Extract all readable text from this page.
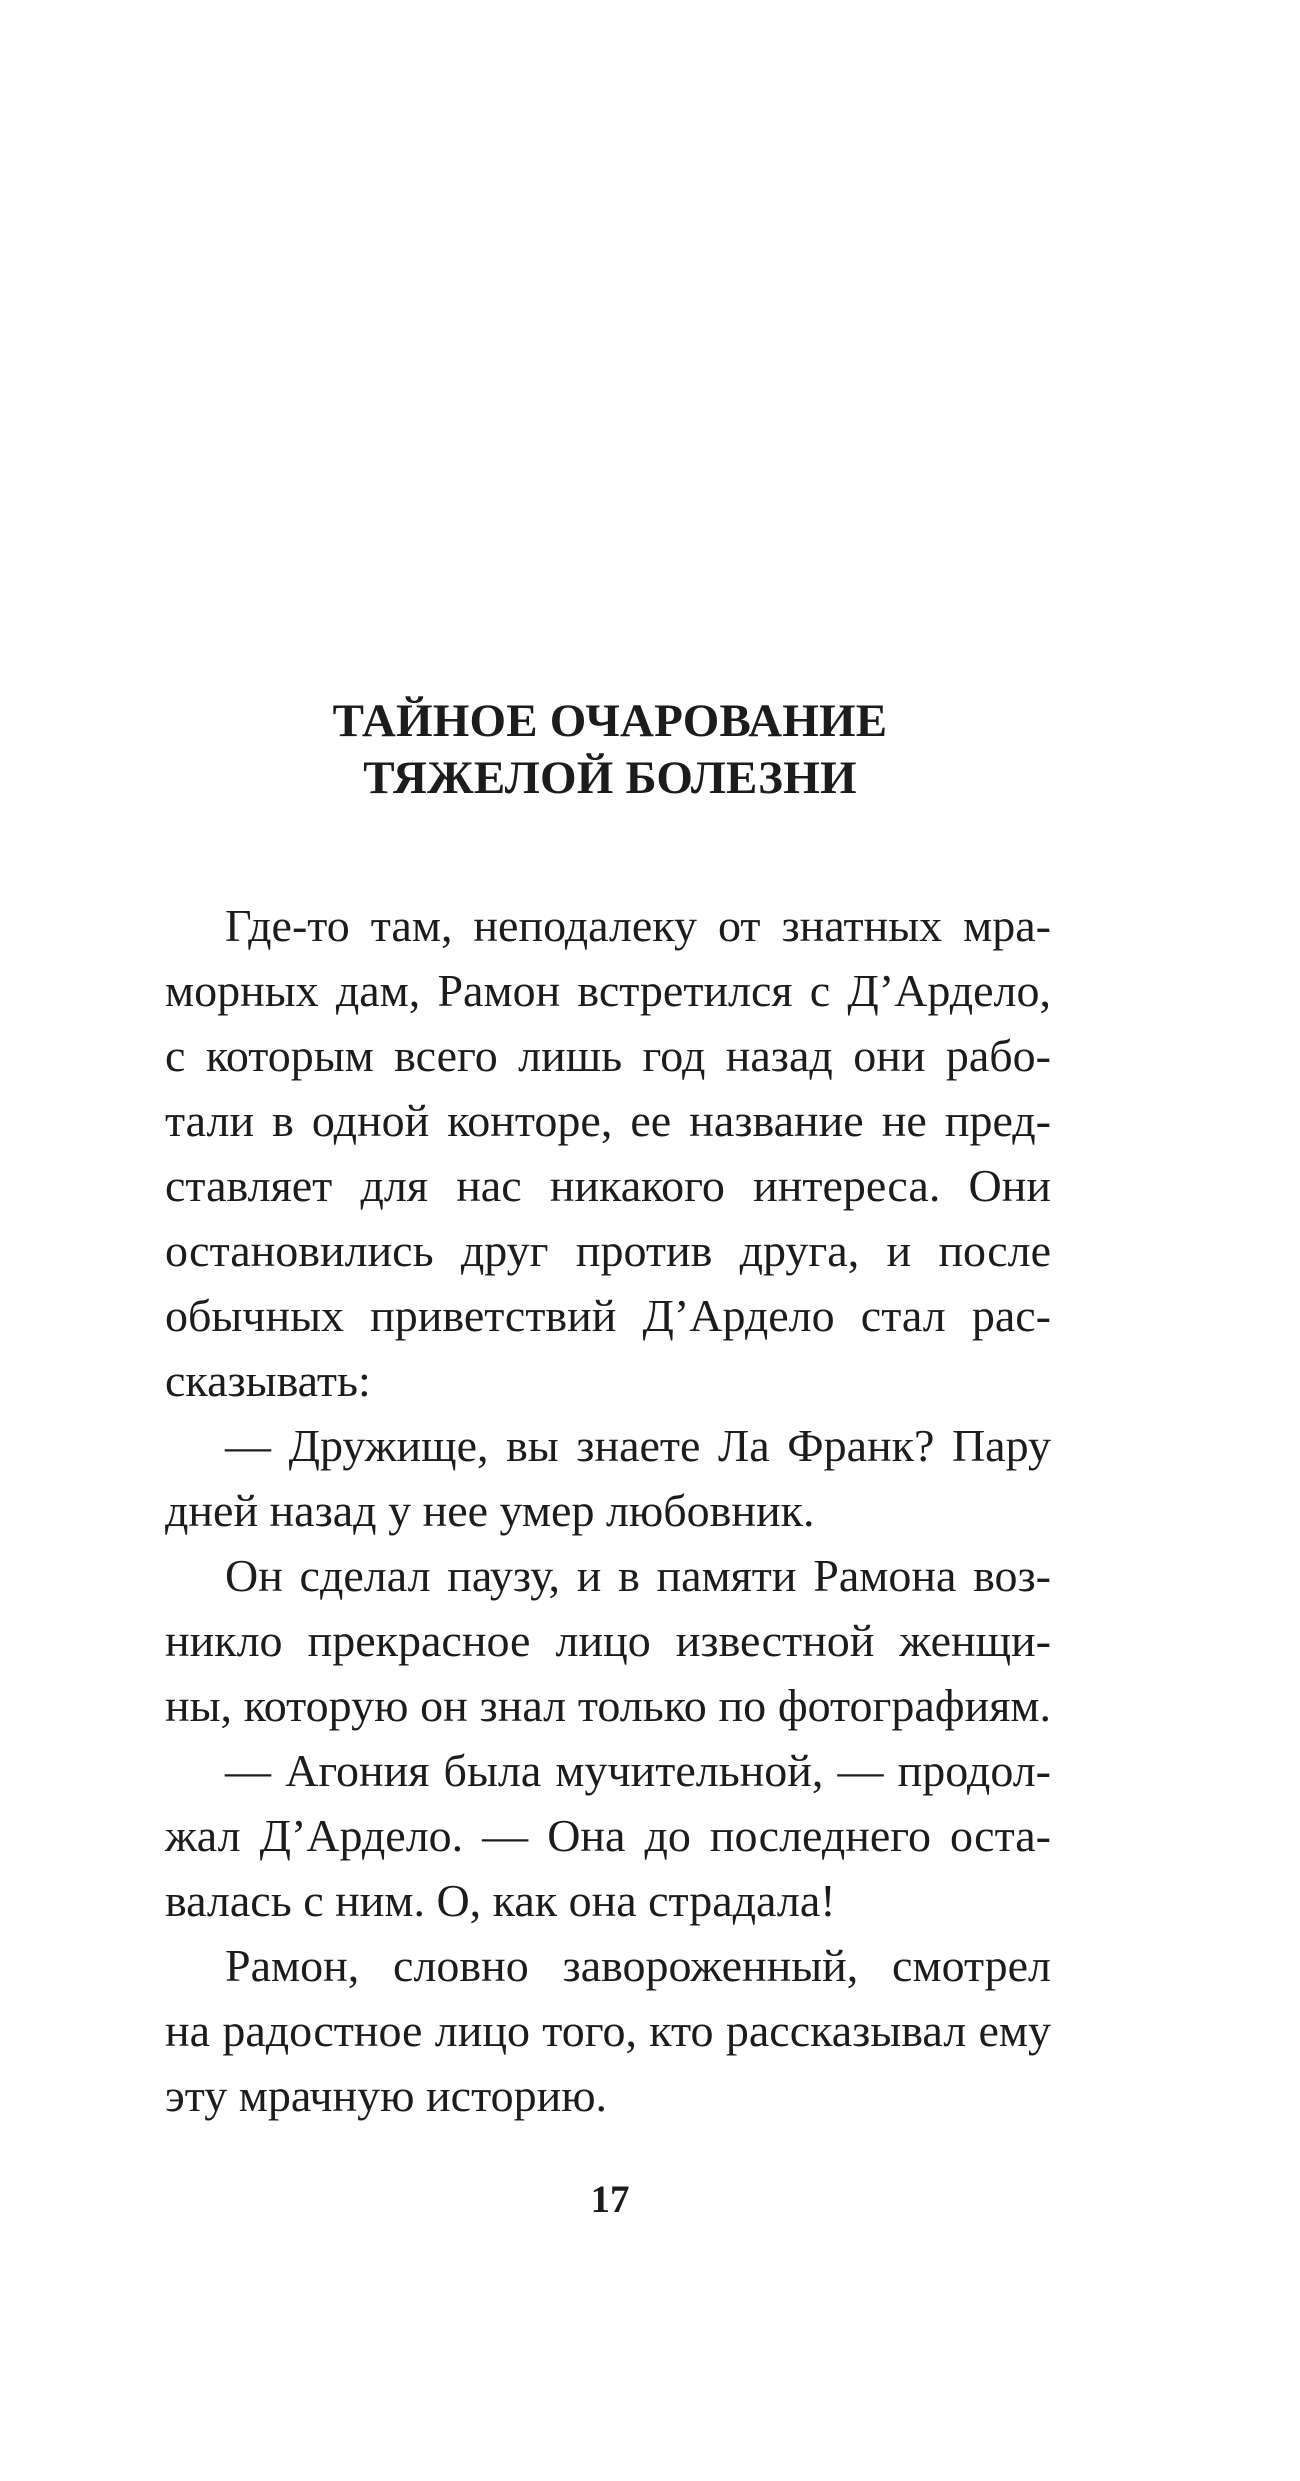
ТАЙНОЕ ОЧАРОВАНИЕ
ТЯЖЕЛОЙ БОЛЕЗНИ
Где-то там, неподалеку от знатных мра-
морных дам, Рамон встретился с Д’Ардело,
с которым всего лишь год назад они рабо-
тали в одной конторе, ее название не пред-
ставляет для нас никакого интереса. Они
остановились друг против друга, и после
обычных приветствий Д’Ардело стал рас-
сказывать:
— Дружище, вы знаете Ла Франк? Пару
дней назад у нее умер любовник.
Он сделал паузу, и в памяти Рамона воз-
никло прекрасное лицо известной женщи-
ны, которую он знал только по фотографиям.
— Агония была мучительной, — продол-
жал Д’Ардело. — Она до последнего оста-
валась с ним. О, как она страдала!
Рамон, словно завороженный, смотрел
на радостное лицо того, кто рассказывал ему
эту мрачную историю.
17
